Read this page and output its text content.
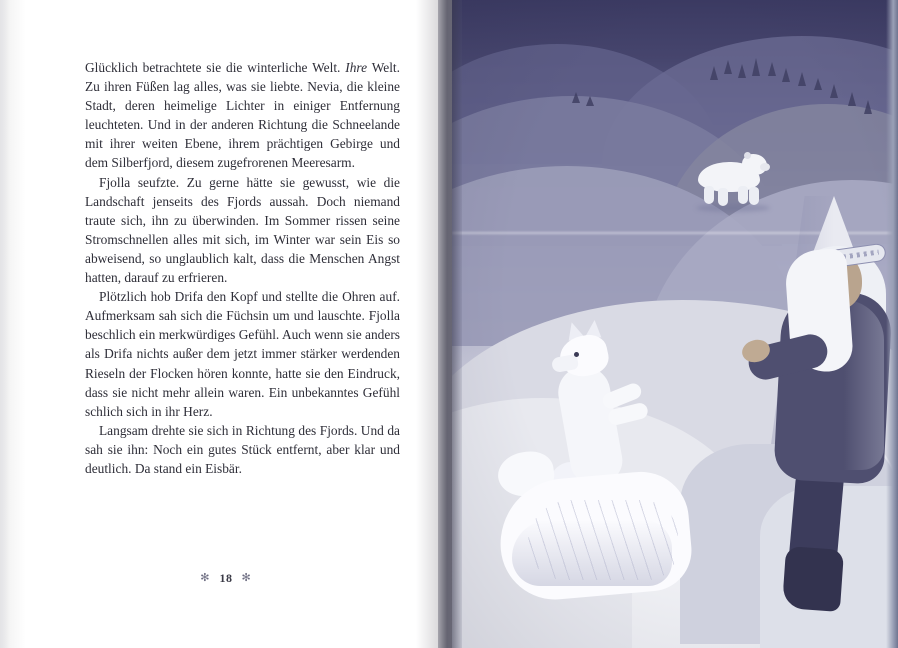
Glücklich betrachtete sie die winterliche Welt. Ihre Welt. Zu ihren Füßen lag alles, was sie liebte. Nevia, die kleine Stadt, deren heimelige Lichter in einiger Entfernung leuchteten. Und in der anderen Richtung die Schneelande mit ihrer weiten Ebene, ihrem prächtigen Gebirge und dem Silberfjord, diesem zugefrorenen Meeresarm.

Fjolla seufzte. Zu gerne hätte sie gewusst, wie die Landschaft jenseits des Fjords aussah. Doch niemand traute sich, ihn zu überwinden. Im Sommer rissen seine Stromschnellen alles mit sich, im Winter war sein Eis so abweisend, so unglaublich kalt, dass die Menschen Angst hatten, darauf zu erfrieren.

Plötzlich hob Drifa den Kopf und stellte die Ohren auf. Aufmerksam sah sich die Füchsin um und lauschte. Fjolla beschlich ein merkwürdiges Gefühl. Auch wenn sie anders als Drifa nichts außer dem jetzt immer stärker werdenden Rieseln der Flocken hören konnte, hatte sie den Eindruck, dass sie nicht mehr allein waren. Ein unbekanntes Gefühl schlich sich in ihr Herz.

Langsam drehte sie sich in Richtung des Fjords. Und da sah sie ihn: Noch ein gutes Stück entfernt, aber klar und deutlich. Da stand ein Eisbär.

✻ 18 ✻
